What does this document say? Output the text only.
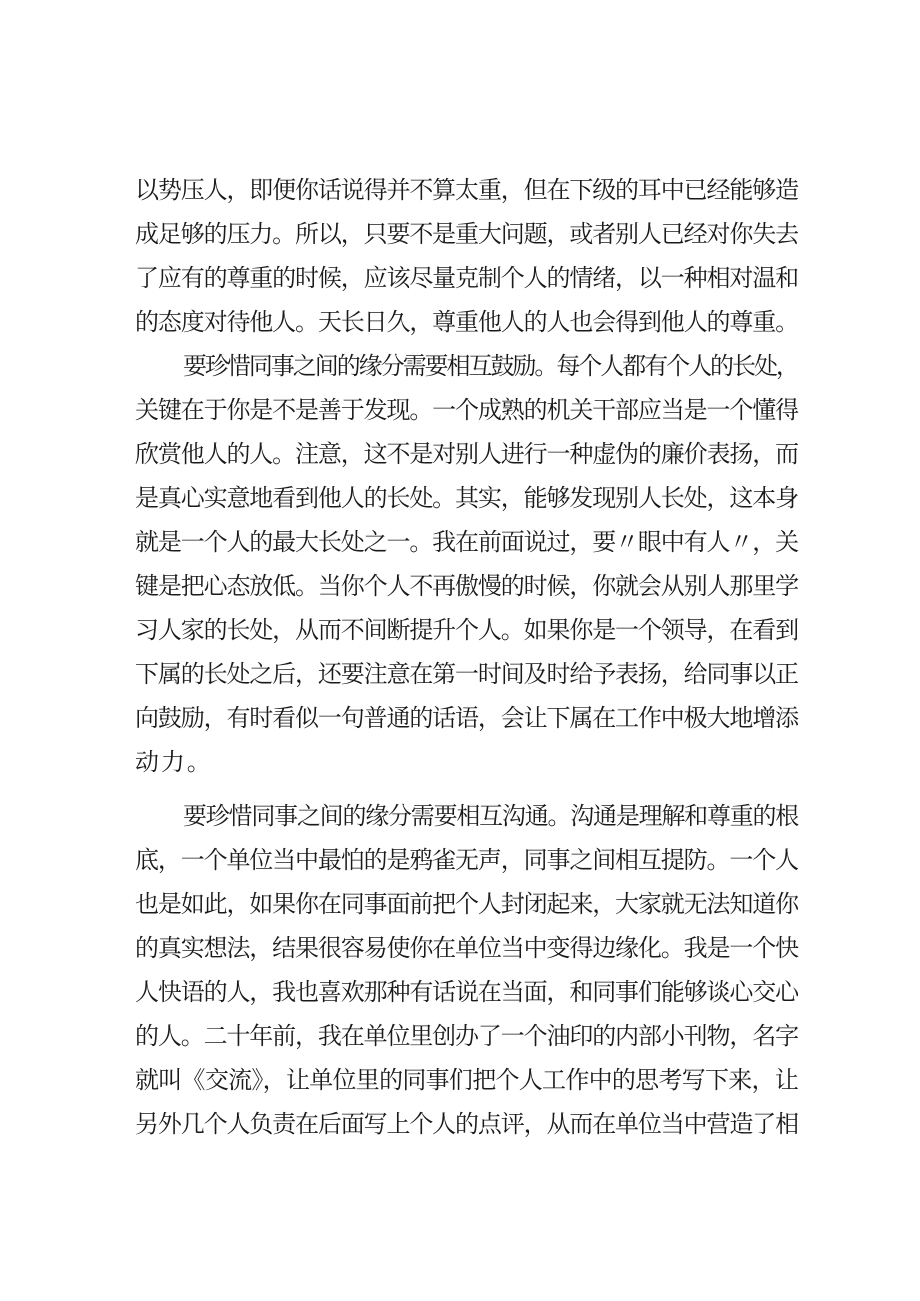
以势压人，即便你话说得并不算太重，但在下级的耳中已经能够造
成足够的压力。所以，只要不是重大问题，或者别人已经对你失去
了应有的尊重的时候，应该尽量克制个人的情绪，以一种相对温和
的态度对待他人。天长日久，尊重他人的人也会得到他人的尊重。
要珍惜同事之间的缘分需要相互鼓励。每个人都有个人的长处，
关键在于你是不是善于发现。一个成熟的机关干部应当是一个懂得
欣赏他人的人。注意，这不是对别人进行一种虚伪的廉价表扬，而
是真心实意地看到他人的长处。其实，能够发现别人长处，这本身
就是一个人的最大长处之一。我在前面说过，要〃眼中有人〃，关
键是把心态放低。当你个人不再傲慢的时候，你就会从别人那里学
习人家的长处，从而不间断提升个人。如果你是一个领导，在看到
下属的长处之后，还要注意在第一时间及时给予表扬，给同事以正
向鼓励，有时看似一句普通的话语，会让下属在工作中极大地增添
动力。
要珍惜同事之间的缘分需要相互沟通。沟通是理解和尊重的根
底，一个单位当中最怕的是鸦雀无声，同事之间相互提防。一个人
也是如此，如果你在同事面前把个人封闭起来，大家就无法知道你
的真实想法，结果很容易使你在单位当中变得边缘化。我是一个快
人快语的人，我也喜欢那种有话说在当面，和同事们能够谈心交心
的人。二十年前，我在单位里创办了一个油印的内部小刊物，名字
就叫《交流》，让单位里的同事们把个人工作中的思考写下来，让
另外几个人负责在后面写上个人的点评，从而在单位当中营造了相
